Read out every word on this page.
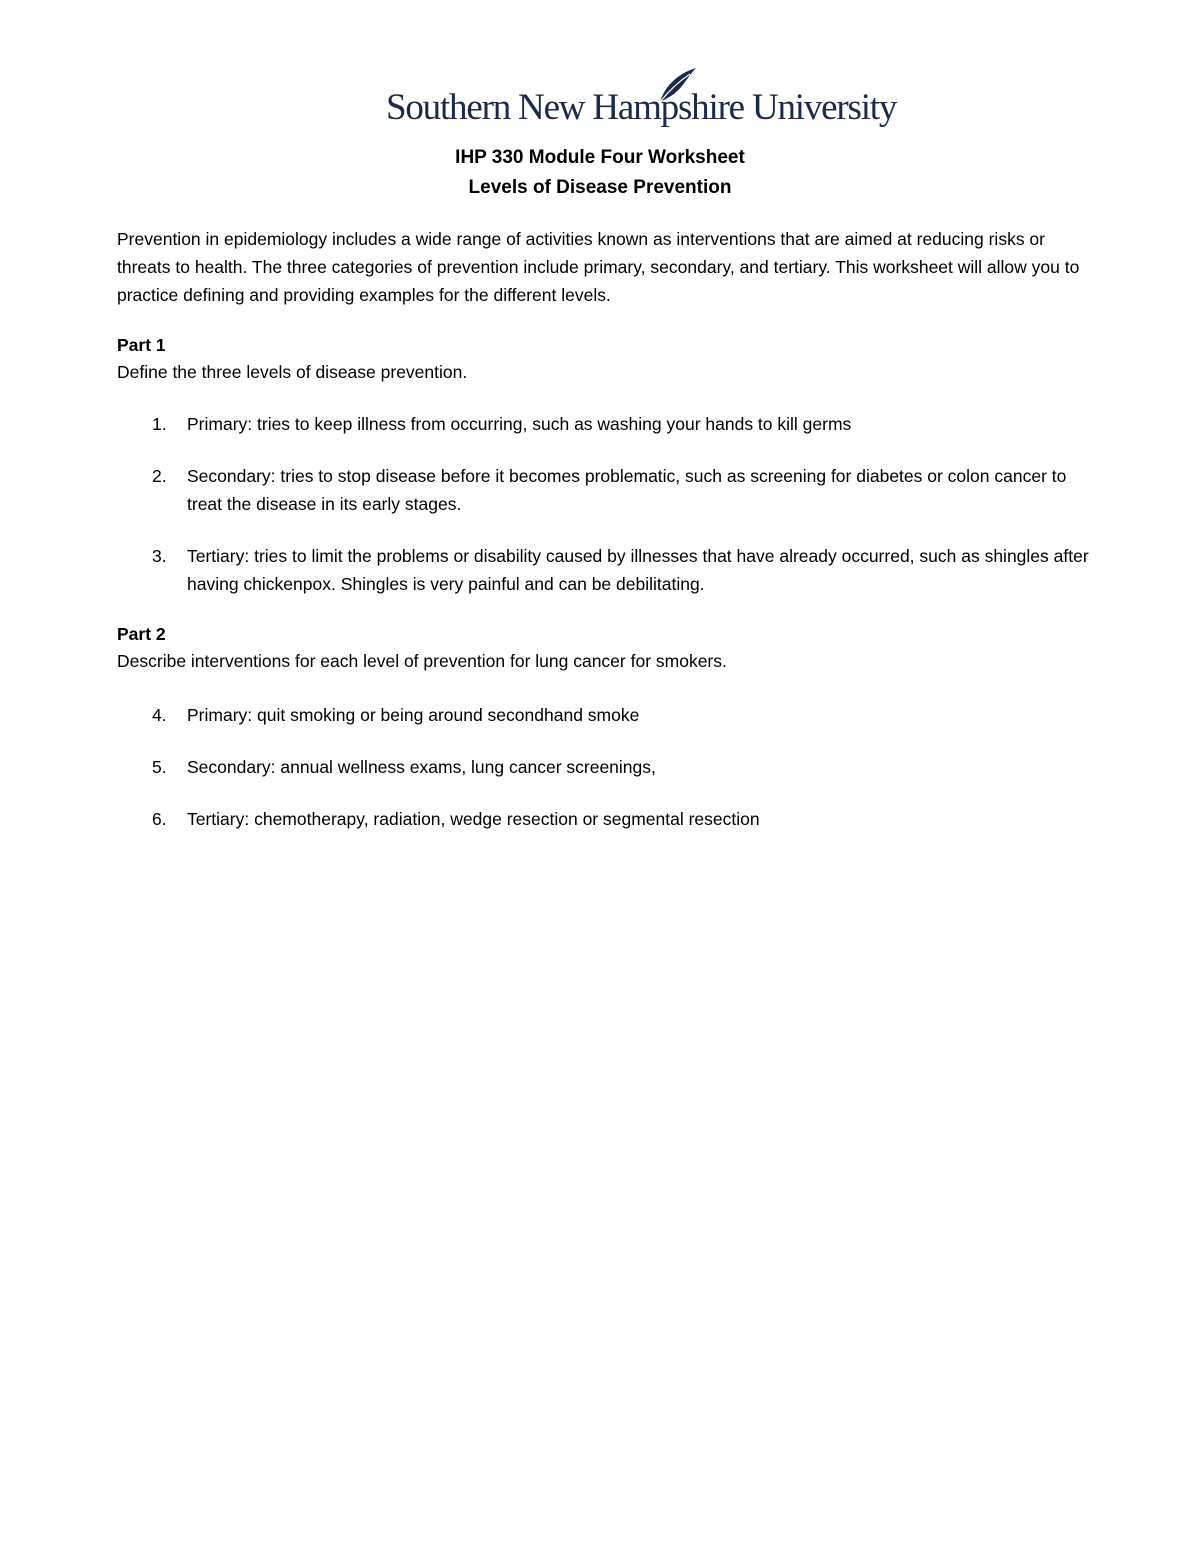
Southern New Hampshire University
IHP 330 Module Four Worksheet
Levels of Disease Prevention
Prevention in epidemiology includes a wide range of activities known as interventions that are aimed at reducing risks or threats to health. The three categories of prevention include primary, secondary, and tertiary. This worksheet will allow you to practice defining and providing examples for the different levels.
Part 1
Define the three levels of disease prevention.
1. Primary: tries to keep illness from occurring, such as washing your hands to kill germs
2. Secondary: tries to stop disease before it becomes problematic, such as screening for diabetes or colon cancer to treat the disease in its early stages.
3. Tertiary: tries to limit the problems or disability caused by illnesses that have already occurred, such as shingles after having chickenpox. Shingles is very painful and can be debilitating.
Part 2
Describe interventions for each level of prevention for lung cancer for smokers.
4. Primary: quit smoking or being around secondhand smoke
5. Secondary: annual wellness exams, lung cancer screenings,
6. Tertiary: chemotherapy, radiation, wedge resection or segmental resection
